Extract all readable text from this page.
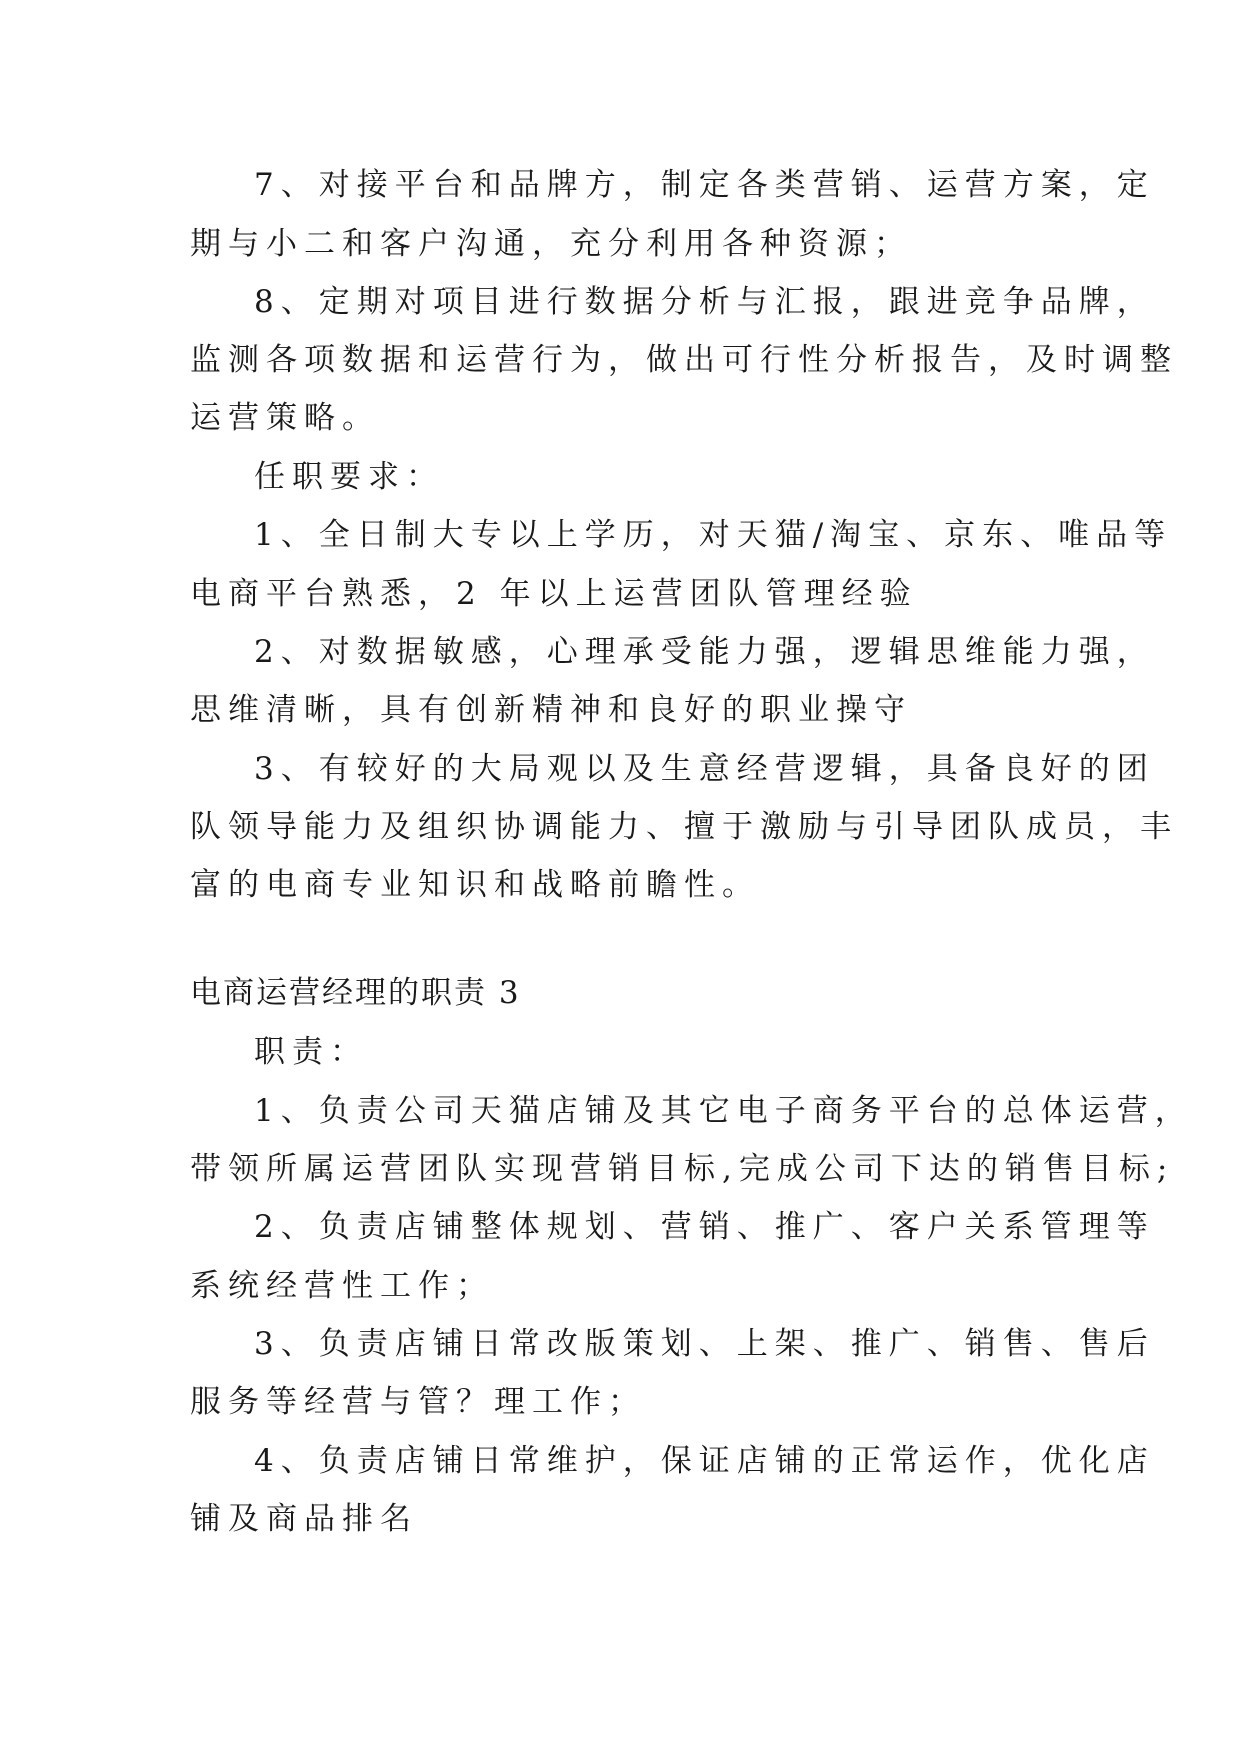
7、对接平台和品牌方，制定各类营销、运营方案，定
期与小二和客户沟通，充分利用各种资源；
8、定期对项目进行数据分析与汇报，跟进竞争品牌，
监测各项数据和运营行为，做出可行性分析报告，及时调整
运营策略。
任职要求：
1、全日制大专以上学历，对天猫/淘宝、京东、唯品等
电商平台熟悉，2 年以上运营团队管理经验
2、对数据敏感，心理承受能力强，逻辑思维能力强，
思维清晰，具有创新精神和良好的职业操守
3、有较好的大局观以及生意经营逻辑，具备良好的团
队领导能力及组织协调能力、擅于激励与引导团队成员，丰
富的电商专业知识和战略前瞻性。
电商运营经理的职责 3
职责：
1、负责公司天猫店铺及其它电子商务平台的总体运营，
带领所属运营团队实现营销目标,完成公司下达的销售目标;
2、负责店铺整体规划、营销、推广、客户关系管理等
系统经营性工作；
3、负责店铺日常改版策划、上架、推广、销售、售后
服务等经营与管？理工作；
4、负责店铺日常维护，保证店铺的正常运作，优化店
铺及商品排名
